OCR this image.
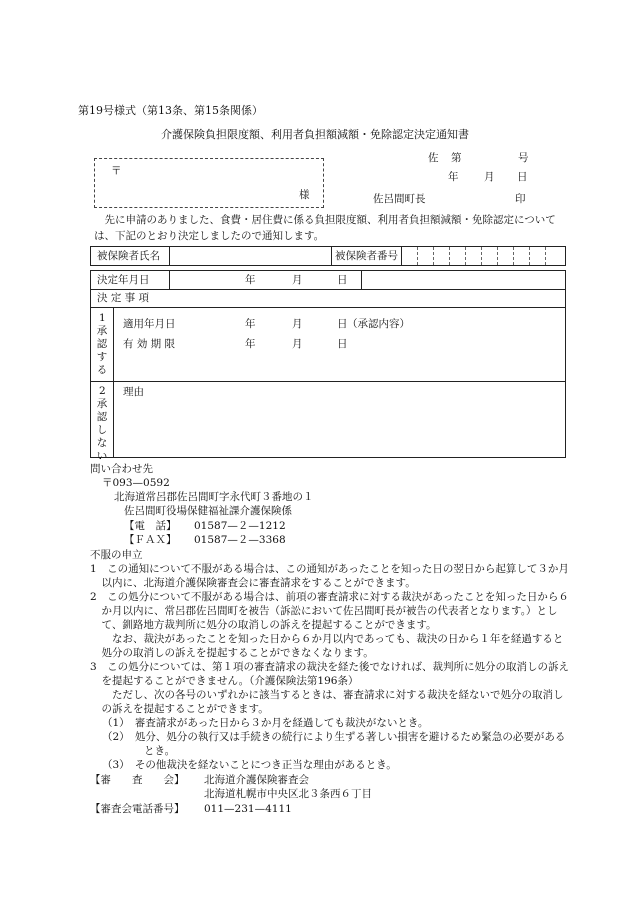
第19号様式（第13条、第15条関係）
介護保険負担限度額、利用者負担額減額・免除認定決定通知書
〒
様
佐 第	号
年 月 日
佐呂間町長	印
先に申請のありました、食費・居住費に係る負担限度額、利用者負担額減額・免除認定については、下記のとおり決定しましたので通知します。
被保険者氏名	被保険者番号
決定年月日	年	月	日
決 定 事 項
1
承認する
適用年月日	年	月	日 （承認内容）
有 効 期 限	年	月	日
2
承認しない
理由
問い合わせ先
〒093—0592
北海道常呂郡佐呂間町字永代町３番地の１
佐呂間町役場保健福祉課介護保険係
【電　話】 01587—２—1212
【ＦＡＸ】 01587—２—3368
不服の申立
1　この通知について不服がある場合は、この通知があったことを知った日の翌日から起算して３か月以内に、北海道介護保険審査会に審査請求をすることができます。
2　この処分について不服がある場合は、前項の審査請求に対する裁決があったことを知った日から６か月以内に、常呂郡佐呂間町を被告（訴訟において佐呂間町長が被告の代表者となります。）として、釧路地方裁判所に処分の取消しの訴えを提起することができます。
なお、裁決があったことを知った日から６か月以内であっても、裁決の日から１年を経過すると処分の取消しの訴えを提起することができなくなります。
3　この処分については、第１項の審査請求の裁決を経た後でなければ、裁判所に処分の取消しの訴えを提起することができません。（介護保険法第196条）
ただし、次の各号のいずれかに該当するときは、審査請求に対する裁決を経ないで処分の取消しの訴えを提起することができます。
（1）　審査請求があった日から３か月を経過しても裁決がないとき。
（2）　処分、処分の執行又は手続きの続行により生ずる著しい損害を避けるため緊急の必要があるとき。
（3）　その他裁決を経ないことにつき正当な理由があるとき。
【審　　査　　会】 北海道介護保険審査会
北海道札幌市中央区北３条西６丁目
【審査会電話番号】 011—231—4111
